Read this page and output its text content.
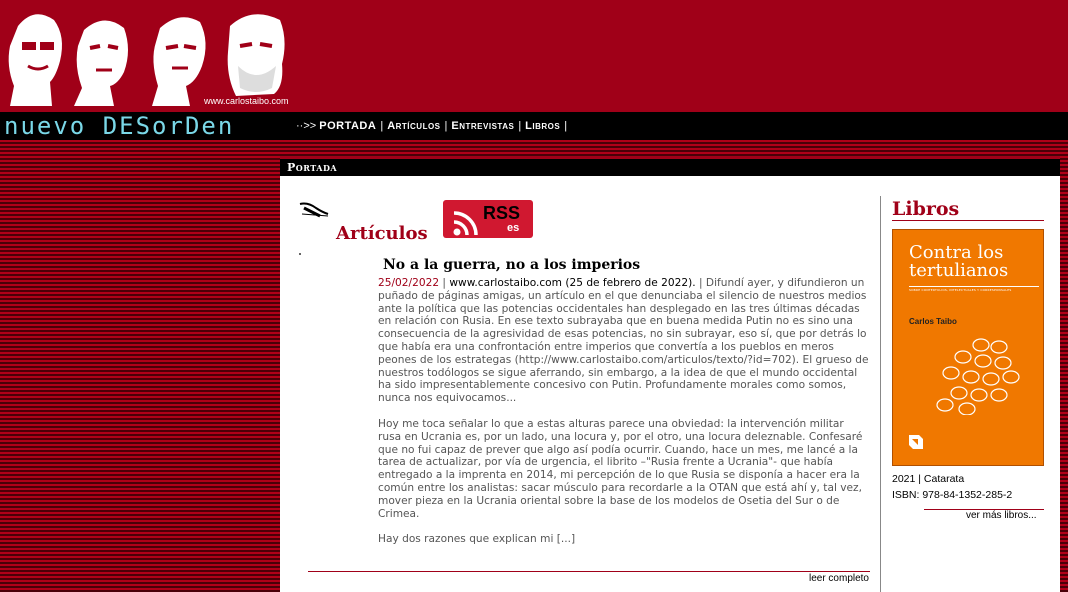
www.carlostaibo.com
nuevo DESorDen	··>> PORTADA | Artículos | Entrevistas | Libros |
Portada
Artículos
RSS
es
No a la guerra, no a los imperios

25/02/2022 | www.carlostaibo.com (25 de febrero de 2022). | Difundí ayer, y difundieron un puñado de páginas amigas, un artículo en el que denunciaba el silencio de nuestros medios ante la política que las potencias occidentales han desplegado en las tres últimas décadas en relación con Rusia. En ese texto subrayaba que en buena medida Putin no es sino una consecuencia de la agresividad de esas potencias, no sin subrayar, eso sí, que por detrás lo que había era una confrontación entre imperios que convertía a los pueblos en meros peones de los estrategas (http://www.carlostaibo.com/articulos/texto/?id=702). El grueso de nuestros todólogos se sigue aferrando, sin embargo, a la idea de que el mundo occidental ha sido impresentablemente concesivo con Putin. Profundamente morales como somos, nunca nos equivocamos...

Hoy me toca señalar lo que a estas alturas parece una obviedad: la intervención militar rusa en Ucrania es, por un lado, una locura y, por el otro, una locura deleznable. Confesaré que no fui capaz de prever que algo así podía ocurrir. Cuando, hace un mes, me lancé a la tarea de actualizar, por vía de urgencia, el librito –"Rusia frente a Ucrania"- que había entregado a la imprenta en 2014, mi percepción de lo que Rusia se disponía a hacer era la común entre los analistas: sacar músculo para recordarle a la OTAN que está ahí y, tal vez, mover pieza en la Ucrania oriental sobre la base de los modelos de Osetia del Sur o de Crimea.

Hay dos razones que explican mi [...]

leer completo
Libros
Contra los tertulianos
SOBRE CONTERTULIOS, INTELECTUALES Y CORRESPONSALES
Carlos Taibo
2021 | Catarata
ISBN: 978-84-1352-285-2
ver más libros...
